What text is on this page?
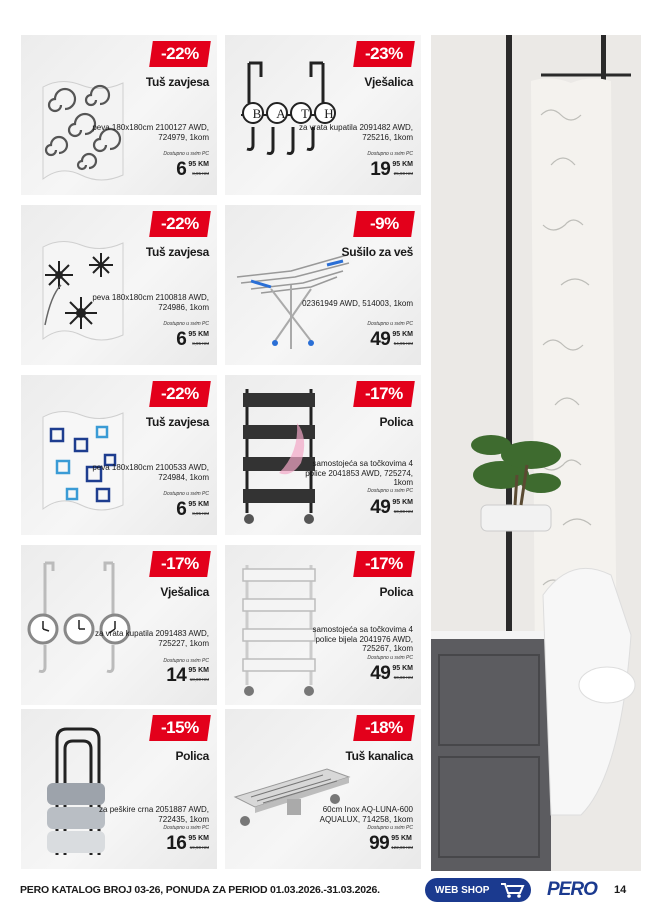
-22%
Tuš zavjesa
peva 180x180cm 2100127 AWD, 724979, 1kom
Dostupno u svim PC
6 95 KM
8,95 KM
B	A	T	H
-23%
Vješalica
za vrata kupatila 2091482 AWD, 725216, 1kom
Dostupno u svim PC
19 95 KM
25,90 KM
-22%
Tuš zavjesa
peva 180x180cm 2100818 AWD, 724986, 1kom
Dostupno u svim PC
6 95 KM
8,95 KM
-9%
Sušilo za veš
02361949 AWD, 514003, 1kom
Dostupno u svim PC
49 95 KM
54,95 KM
-22%
Tuš zavjesa
peva 180x180cm 2100533 AWD, 724984, 1kom
Dostupno u svim PC
6 95 KM
8,95 KM
-17%
Polica
samostojeća sa točkovima 4 police 2041853 AWD, 725274, 1kom
Dostupno u svim PC
49 95 KM
60,00 KM
-17%
Vješalica
za vrata kupatila 2091483 AWD, 725227, 1kom
Dostupno u svim PC
14 95 KM
18,00 KM
-17%
Polica
samostojeća sa točkovima 4 police bijela 2041976 AWD, 725267, 1kom
Dostupno u svim PC
49 95 KM
60,00 KM
-15%
Polica
za peškire crna 2051887 AWD, 722435, 1kom
Dostupno u svim PC
16 95 KM
19,90 KM
-18%
Tuš kanalica
60cm Inox AQ-LUNA-600 AQUALUX, 714258, 1kom
Dostupno u svim PC
99 95 KM
122,00 KM
PERO KATALOG BROJ 03-26, PONUDA ZA PERIOD 01.03.2026.-31.03.2026.	WEB SHOP	PERO 14
